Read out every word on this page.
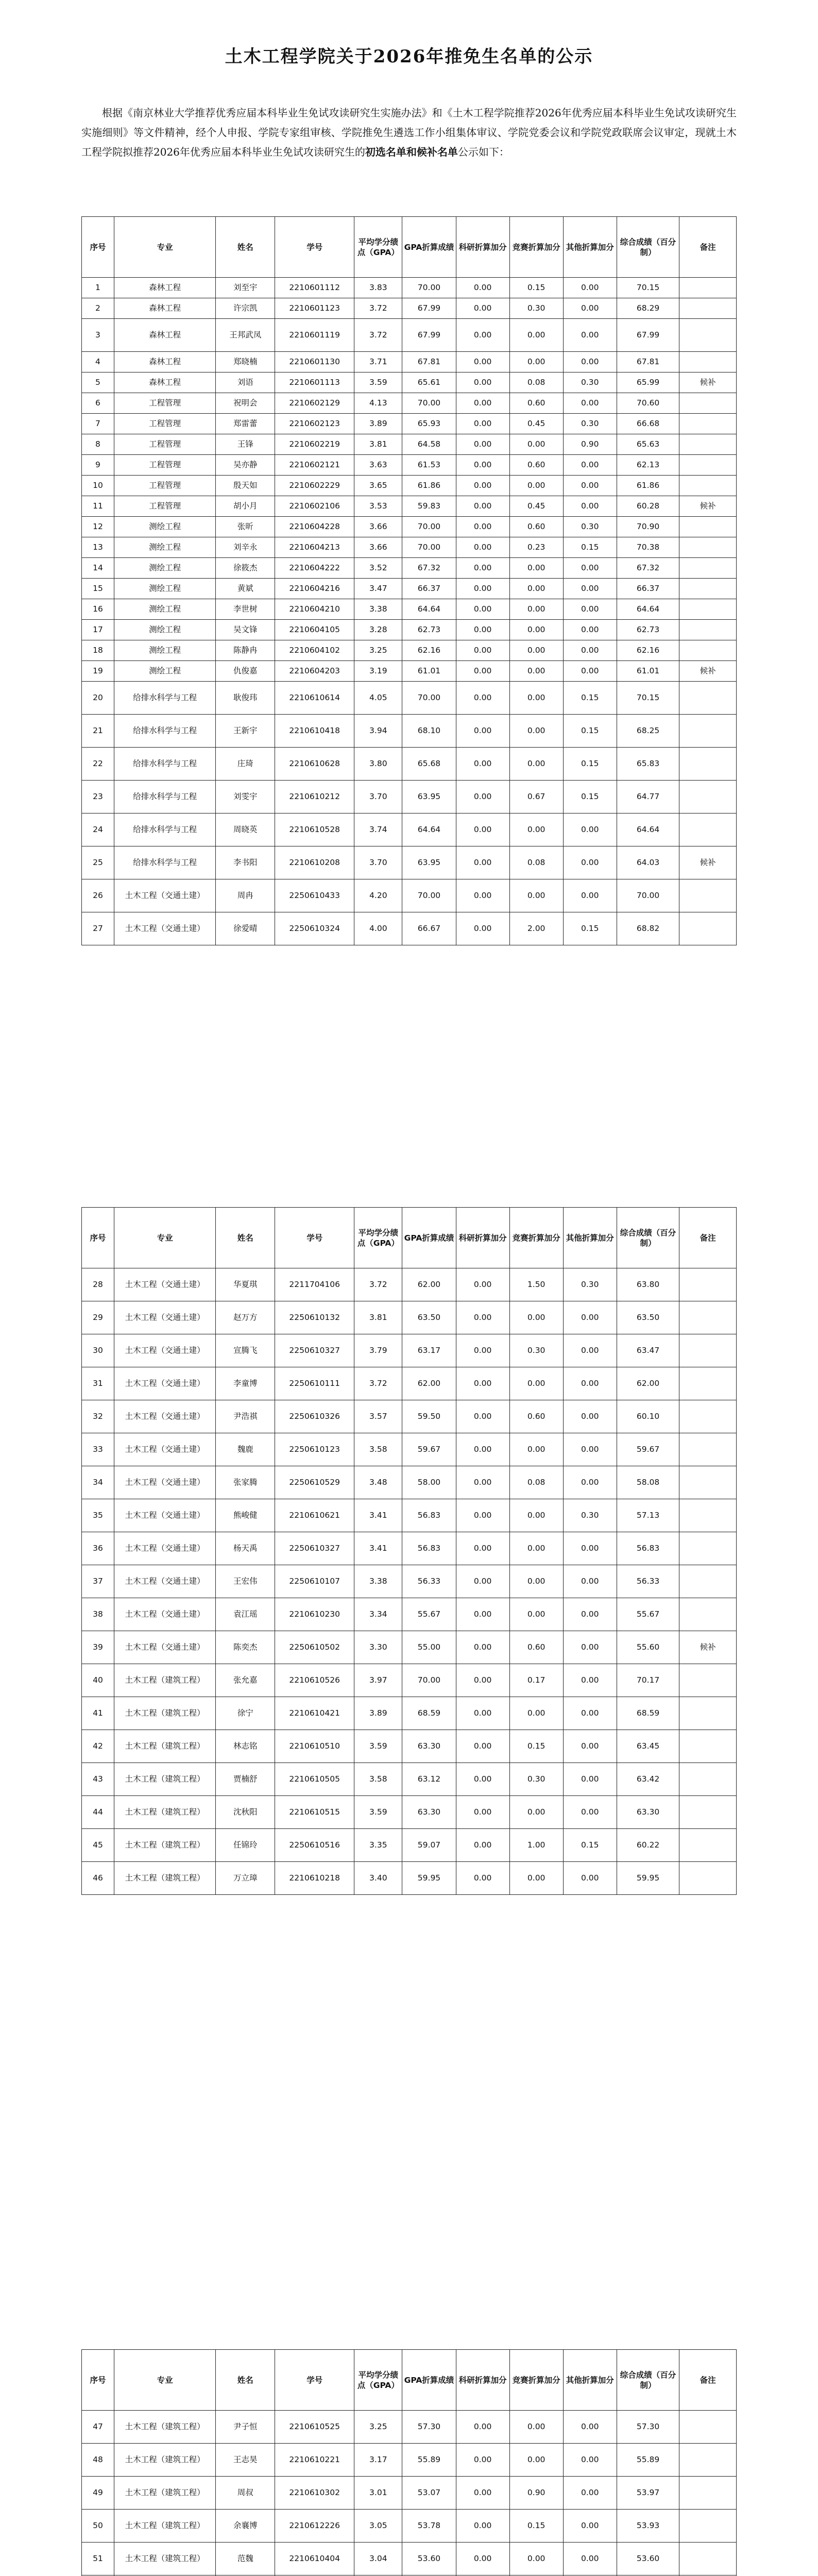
土木工程学院关于2026年推免生名单的公示

根据《南京林业大学推荐优秀应届本科毕业生免试攻读研究生实施办法》和《土木工程学院推荐2026年优秀应届本科毕业生免试攻读研究生实施细则》等文件精神，经个人申报、学院专家组审核、学院推免生遴选工作小组集体审议、学院党委会议和学院党政联席会议审定，现就土木工程学院拟推荐2026年优秀应届本科毕业生免试攻读研究生的初选名单和候补名单公示如下：

序号	专业	姓名	学号	平均学分绩点（GPA）	GPA折算成绩	科研折算加分	竞赛折算加分	其他折算加分	综合成绩（百分制）	备注
1	森林工程	刘至宇	2210601112	3.83	70.00	0.00	0.15	0.00	70.15	
2	森林工程	许宗凯	2210601123	3.72	67.99	0.00	0.30	0.00	68.29	
3	森林工程	王邦武凤	2210601119	3.72	67.99	0.00	0.00	0.00	67.99	
4	森林工程	郑晓楠	2210601130	3.71	67.81	0.00	0.00	0.00	67.81	
5	森林工程	刘语	2210601113	3.59	65.61	0.00	0.08	0.30	65.99	候补
6	工程管理	祝明会	2210602129	4.13	70.00	0.00	0.60	0.00	70.60	
7	工程管理	郑雷蕾	2210602123	3.89	65.93	0.00	0.45	0.30	66.68	
8	工程管理	王锋	2210602219	3.81	64.58	0.00	0.00	0.90	65.63	
9	工程管理	吴亦静	2210602121	3.63	61.53	0.00	0.60	0.00	62.13	
10	工程管理	殷天如	2210602229	3.65	61.86	0.00	0.00	0.00	61.86	
11	工程管理	胡小月	2210602106	3.53	59.83	0.00	0.45	0.00	60.28	候补
12	测绘工程	张昕	2210604228	3.66	70.00	0.00	0.60	0.30	70.90	
13	测绘工程	刘辛永	2210604213	3.66	70.00	0.00	0.23	0.15	70.38	
14	测绘工程	徐筱杰	2210604222	3.52	67.32	0.00	0.00	0.00	67.32	
15	测绘工程	黄斌	2210604216	3.47	66.37	0.00	0.00	0.00	66.37	
16	测绘工程	李世树	2210604210	3.38	64.64	0.00	0.00	0.00	64.64	
17	测绘工程	吴文锋	2210604105	3.28	62.73	0.00	0.00	0.00	62.73	
18	测绘工程	陈静冉	2210604102	3.25	62.16	0.00	0.00	0.00	62.16	
19	测绘工程	仇俊嘉	2210604203	3.19	61.01	0.00	0.00	0.00	61.01	候补
20	给排水科学与工程	耿俊玮	2210610614	4.05	70.00	0.00	0.00	0.15	70.15	
21	给排水科学与工程	王新宇	2210610418	3.94	68.10	0.00	0.00	0.15	68.25	
22	给排水科学与工程	庄琦	2210610628	3.80	65.68	0.00	0.00	0.15	65.83	
23	给排水科学与工程	刘雯宇	2210610212	3.70	63.95	0.00	0.67	0.15	64.77	
24	给排水科学与工程	周晓英	2210610528	3.74	64.64	0.00	0.00	0.00	64.64	
25	给排水科学与工程	李书阳	2210610208	3.70	63.95	0.00	0.08	0.00	64.03	候补
26	土木工程（交通土建）	周冉	2250610433	4.20	70.00	0.00	0.00	0.00	70.00	
27	土木工程（交通土建）	徐爱晴	2250610324	4.00	66.67	0.00	2.00	0.15	68.82	
序号	专业	姓名	学号	平均学分绩点（GPA）	GPA折算成绩	科研折算加分	竞赛折算加分	其他折算加分	综合成绩（百分制）	备注
28	土木工程（交通土建）	华夏琪	2211704106	3.72	62.00	0.00	1.50	0.30	63.80	
29	土木工程（交通土建）	赵万方	2250610132	3.81	63.50	0.00	0.00	0.00	63.50	
30	土木工程（交通土建）	宣腾飞	2250610327	3.79	63.17	0.00	0.30	0.00	63.47	
31	土木工程（交通土建）	李童博	2250610111	3.72	62.00	0.00	0.00	0.00	62.00	
32	土木工程（交通土建）	尹浩祺	2250610326	3.57	59.50	0.00	0.60	0.00	60.10	
33	土木工程（交通土建）	魏鹿	2250610123	3.58	59.67	0.00	0.00	0.00	59.67	
34	土木工程（交通土建）	张家腾	2250610529	3.48	58.00	0.00	0.08	0.00	58.08	
35	土木工程（交通土建）	熊峻健	2210610621	3.41	56.83	0.00	0.00	0.30	57.13	
36	土木工程（交通土建）	杨天禹	2250610327	3.41	56.83	0.00	0.00	0.00	56.83	
37	土木工程（交通土建）	王宏伟	2250610107	3.38	56.33	0.00	0.00	0.00	56.33	
38	土木工程（交通土建）	袁江瑶	2210610230	3.34	55.67	0.00	0.00	0.00	55.67	
39	土木工程（交通土建）	陈奕杰	2250610502	3.30	55.00	0.00	0.60	0.00	55.60	候补
40	土木工程（建筑工程）	张允嘉	2210610526	3.97	70.00	0.00	0.17	0.00	70.17	
41	土木工程（建筑工程）	徐宁	2210610421	3.89	68.59	0.00	0.00	0.00	68.59	
42	土木工程（建筑工程）	林志铭	2210610510	3.59	63.30	0.00	0.15	0.00	63.45	
43	土木工程（建筑工程）	贾楠舒	2210610505	3.58	63.12	0.00	0.30	0.00	63.42	
44	土木工程（建筑工程）	沈秋阳	2210610515	3.59	63.30	0.00	0.00	0.00	63.30	
45	土木工程（建筑工程）	任锦玲	2250610516	3.35	59.07	0.00	1.00	0.15	60.22	
46	土木工程（建筑工程）	万立璋	2210610218	3.40	59.95	0.00	0.00	0.00	59.95	
序号	专业	姓名	学号	平均学分绩点（GPA）	GPA折算成绩	科研折算加分	竞赛折算加分	其他折算加分	综合成绩（百分制）	备注
47	土木工程（建筑工程）	尹子恒	2210610525	3.25	57.30	0.00	0.00	0.00	57.30	
48	土木工程（建筑工程）	王志昊	2210610221	3.17	55.89	0.00	0.00	0.00	55.89	
49	土木工程（建筑工程）	周叔	2210610302	3.01	53.07	0.00	0.90	0.00	53.97	
50	土木工程（建筑工程）	余襄博	2210612226	3.05	53.78	0.00	0.15	0.00	53.93	
51	土木工程（建筑工程）	范魏	2210610404	3.04	53.60	0.00	0.00	0.00	53.60	
